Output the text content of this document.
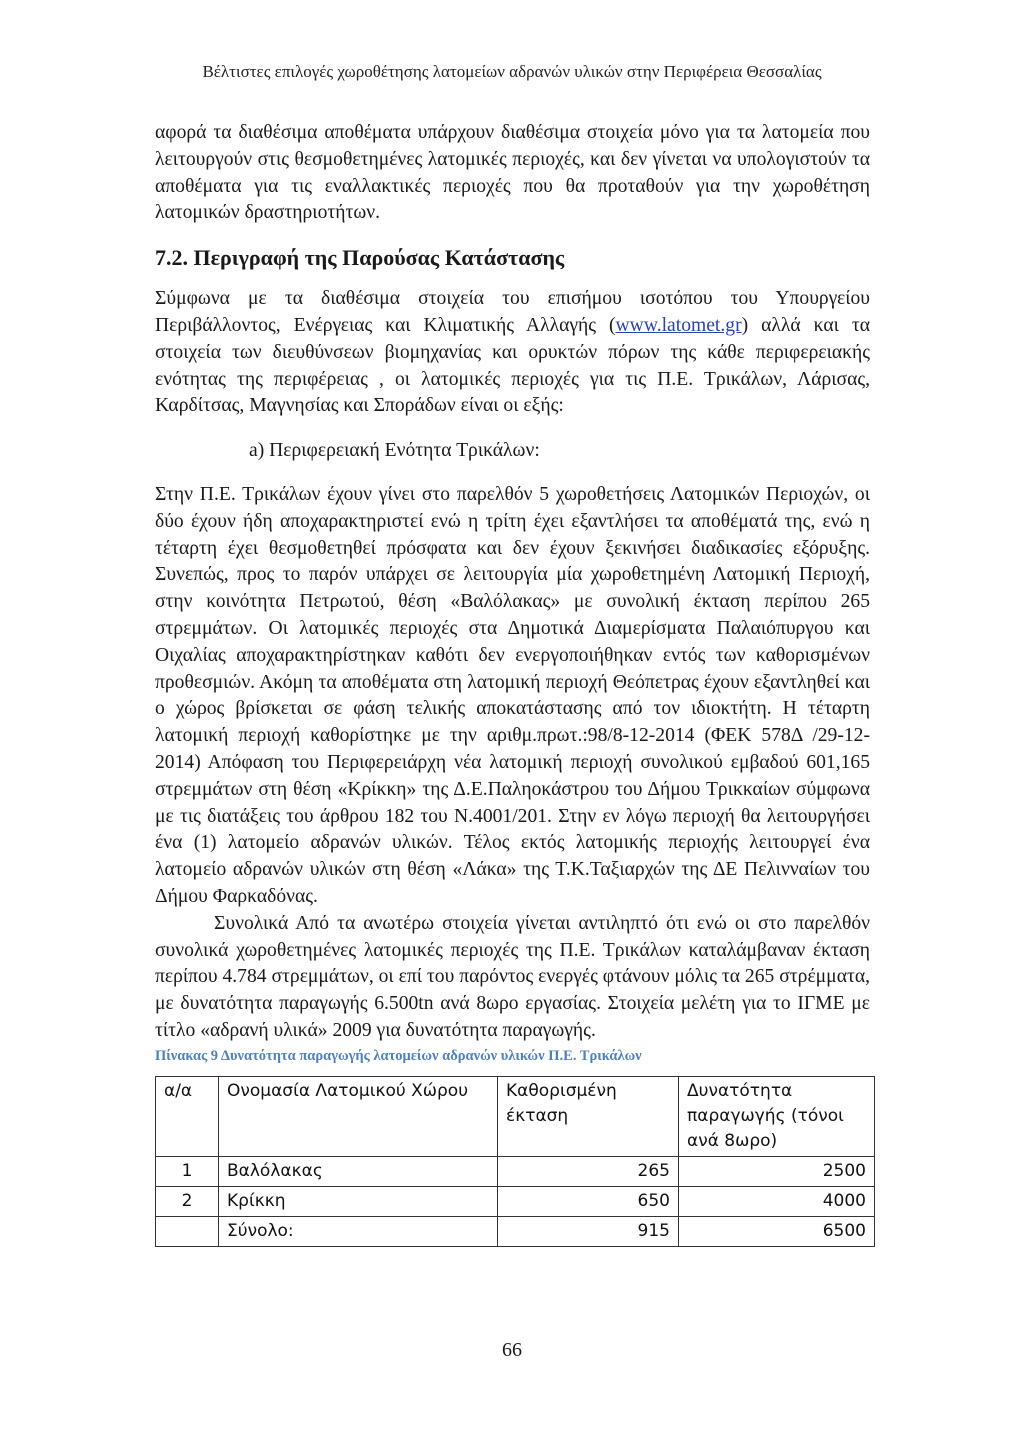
Βέλτιστες επιλογές χωροθέτησης λατομείων αδρανών υλικών στην Περιφέρεια Θεσσαλίας

αφορά τα διαθέσιμα αποθέματα υπάρχουν διαθέσιμα στοιχεία μόνο για τα λατομεία που λειτουργούν στις θεσμοθετημένες λατομικές περιοχές, και δεν γίνεται να υπολογιστούν τα αποθέματα για τις εναλλακτικές περιοχές που θα προταθούν για την χωροθέτηση λατομικών δραστηριοτήτων.

7.2. Περιγραφή της Παρούσας Κατάστασης

Σύμφωνα με τα διαθέσιμα στοιχεία του επισήμου ισοτόπου του Υπουργείου Περιβάλλοντος, Ενέργειας και Κλιματικής Αλλαγής (www.latomet.gr) αλλά και τα στοιχεία των διευθύνσεων βιομηχανίας και ορυκτών πόρων της κάθε περιφερειακής ενότητας της περιφέρειας , οι λατομικές περιοχές για τις Π.Ε. Τρικάλων, Λάρισας, Καρδίτσας, Μαγνησίας και Σποράδων είναι οι εξής:

a) Περιφερειακή Ενότητα Τρικάλων:

Στην Π.Ε. Τρικάλων έχουν γίνει στο παρελθόν 5 χωροθετήσεις Λατομικών Περιοχών, οι δύο έχουν ήδη αποχαρακτηριστεί ενώ η τρίτη έχει εξαντλήσει τα αποθέματά της, ενώ η τέταρτη έχει θεσμοθετηθεί πρόσφατα και δεν έχουν ξεκινήσει διαδικασίες εξόρυξης. Συνεπώς, προς το παρόν υπάρχει σε λειτουργία μία χωροθετημένη Λατομική Περιοχή, στην κοινότητα Πετρωτού, θέση «Βαλόλακας» με συνολική έκταση περίπου 265 στρεμμάτων. Οι λατομικές περιοχές στα Δημοτικά Διαμερίσματα Παλαιόπυργου και Οιχαλίας αποχαρακτηρίστηκαν καθότι δεν ενεργοποιήθηκαν εντός των καθορισμένων προθεσμιών. Ακόμη τα αποθέματα στη λατομική περιοχή Θεόπετρας έχουν εξαντληθεί και ο χώρος βρίσκεται σε φάση τελικής αποκατάστασης από τον ιδιοκτήτη. Η τέταρτη λατομική περιοχή καθορίστηκε με την αριθμ.πρωτ.:98/8-12-2014 (ΦΕΚ 578Δ /29-12-2014) Απόφαση του Περιφερειάρχη νέα λατομική περιοχή συνολικού εμβαδού 601,165 στρεμμάτων στη θέση «Κρίκκη» της Δ.Ε.Παληοκάστρου του Δήμου Τρικκαίων σύμφωνα με τις διατάξεις του άρθρου 182 του Ν.4001/201. Στην εν λόγω περιοχή θα λειτουργήσει ένα (1) λατομείο αδρανών υλικών. Τέλος εκτός λατομικής περιοχής λειτουργεί ένα λατομείο αδρανών υλικών στη θέση «Λάκα» της Τ.Κ.Ταξιαρχών της ΔΕ Πελινναίων του Δήμου Φαρκαδόνας.

Συνολικά Από τα ανωτέρω στοιχεία γίνεται αντιληπτό ότι ενώ οι στο παρελθόν συνολικά χωροθετημένες λατομικές περιοχές της Π.Ε. Τρικάλων καταλάμβαναν έκταση περίπου 4.784 στρεμμάτων, οι επί του παρόντος ενεργές φτάνουν μόλις τα 265 στρέμματα, με δυνατότητα παραγωγής 6.500tn ανά 8ωρο εργασίας. Στοιχεία μελέτη για το ΙΓΜΕ με τίτλο «αδρανή υλικά» 2009 για δυνατότητα παραγωγής.

Πίνακας 9 Δυνατότητα παραγωγής λατομείων αδρανών υλικών Π.Ε. Τρικάλων
α/α	Ονομασία Λατομικού Χώρου	Καθορισμένη έκταση	Δυνατότητα παραγωγής (τόνοι ανά 8ωρο)
1	Βαλόλακας	265	2500
2	Κρίκκη	650	4000
	Σύνολο:	915	6500
66
